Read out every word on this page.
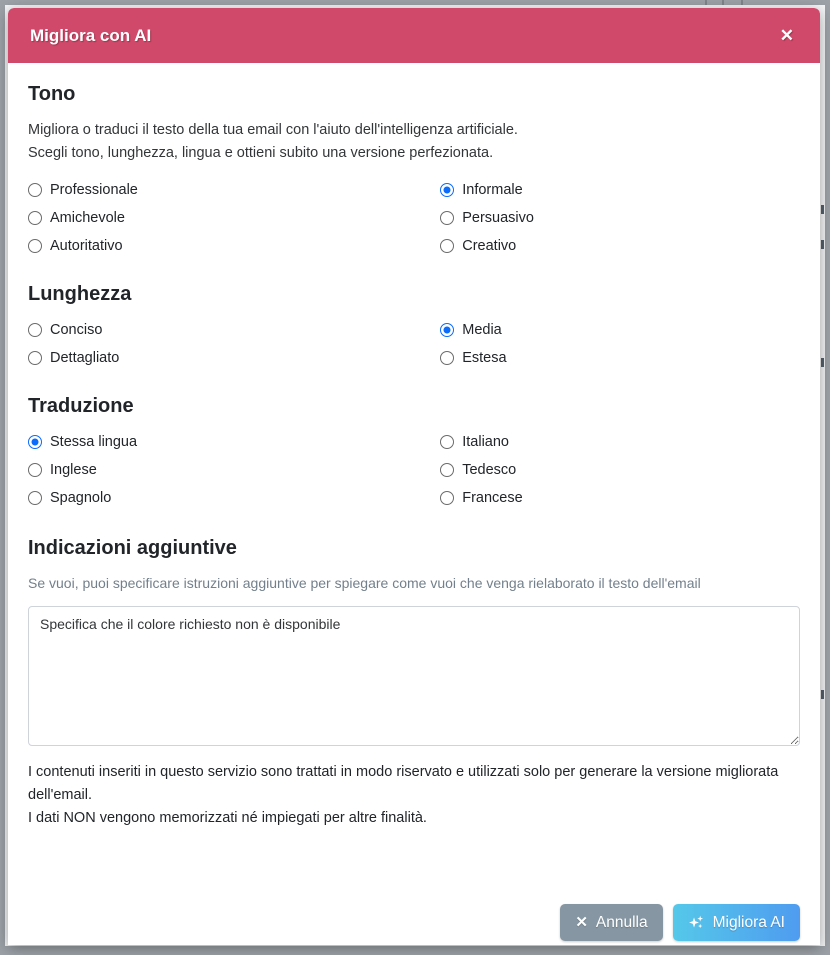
Migliora con AI	✕
Tono
Migliora o traduci il testo della tua email con l'aiuto dell'intelligenza artificiale.
Scegli tono, lunghezza, lingua e ottieni subito una versione perfezionata.
Professionale
Amichevole
Autoritativo
Informale
Persuasivo
Creativo
Lunghezza
Conciso
Dettagliato
Media
Estesa
Traduzione
Stessa lingua
Inglese
Spagnolo
Italiano
Tedesco
Francese
Indicazioni aggiuntive
Se vuoi, puoi specificare istruzioni aggiuntive per spiegare come vuoi che venga rielaborato il testo dell'email
Specifica che il colore richiesto non è disponibile
I contenuti inseriti in questo servizio sono trattati in modo riservato e utilizzati solo per generare la versione migliorata dell'email.
I dati NON vengono memorizzati né impiegati per altre finalità.
✕ Annulla	Migliora AI
